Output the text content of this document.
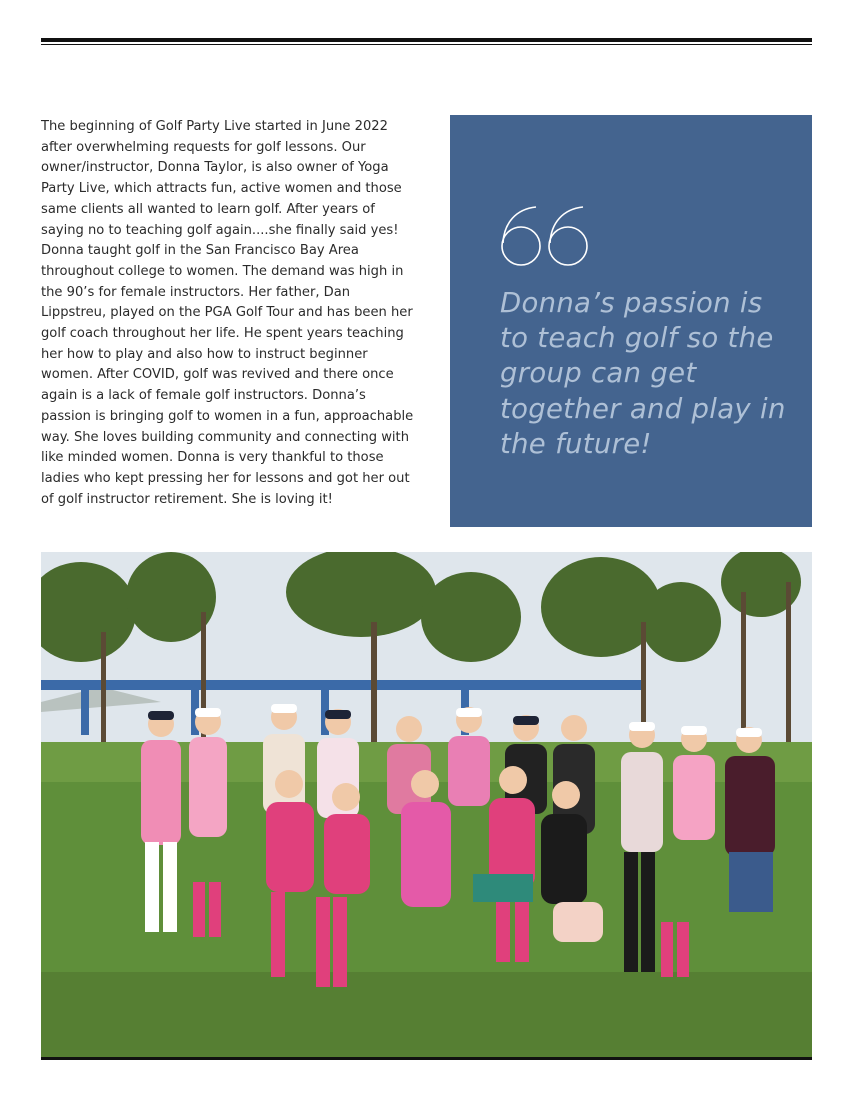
The beginning of Golf Party Live started in June 2022 after overwhelming requests for golf lessons. Our owner/instructor, Donna Taylor, is also owner of Yoga Party Live, which attracts fun, active women and those same clients all wanted to learn golf. After years of saying no to teaching golf again....she finally said yes! Donna taught golf in the San Francisco Bay Area throughout college to women. The demand was high in the 90’s for female instructors. Her father, Dan Lippstreu, played on the PGA Golf Tour and has been her golf coach throughout her life. He spent years teaching her how to play and also how to instruct beginner women. After COVID, golf was revived and there once again is a lack of female golf instructors. Donna’s passion is bringing golf to women in a fun, approachable way. She loves building community and connecting with like minded women. Donna is very thankful to those ladies who kept pressing her for lessons and got her out of golf instructor retirement. She is loving it!

Donna’s passion is to teach golf so the group can get together and play in the future!
